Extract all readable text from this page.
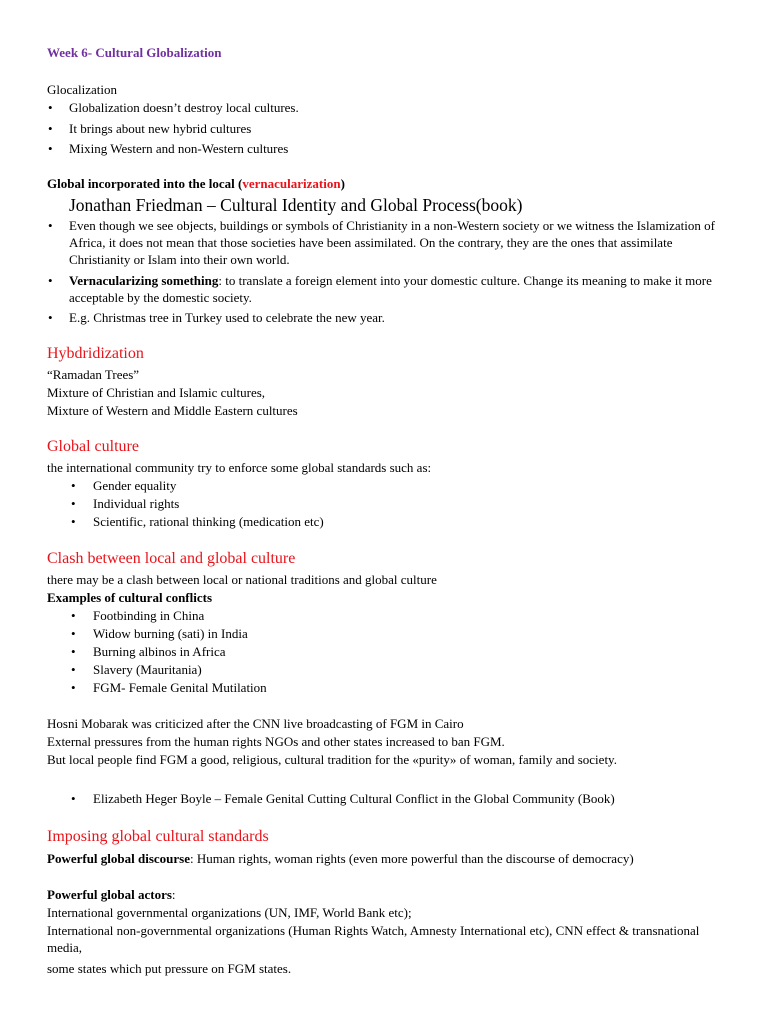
Week 6- Cultural Globalization
Glocalization
• Globalization doesn’t destroy local cultures.
• It brings about new hybrid cultures
• Mixing Western and non-Western cultures
Global incorporated into the local (vernacularization)
Jonathan Friedman – Cultural Identity and Global Process(book)
• Even though we see objects, buildings or symbols of Christianity in a non-Western society or we witness the Islamization of Africa, it does not mean that those societies have been assimilated. On the contrary, they are the ones that assimilate Christianity or Islam into their own world.
• Vernacularizing something: to translate a foreign element into your domestic culture. Change its meaning to make it more acceptable by the domestic society.
• E.g. Christmas tree in Turkey used to celebrate the new year.
Hybdridization
“Ramadan Trees”
Mixture of Christian and Islamic cultures,
Mixture of Western and Middle Eastern cultures
Global culture
the international community try to enforce some global standards such as:
• Gender equality
• Individual rights
• Scientific, rational thinking (medication etc)
Clash between local and global culture
there may be a clash between local or national traditions and global culture
Examples of cultural conflicts
• Footbinding in China
• Widow burning (sati) in India
• Burning albinos in Africa
• Slavery (Mauritania)
• FGM- Female Genital Mutilation
Hosni Mobarak was criticized after the CNN live broadcasting of FGM in Cairo
External pressures from the human rights NGOs and other states increased to ban FGM.
But local people find FGM a good, religious, cultural tradition for the «purity» of woman, family and society.
• Elizabeth Heger Boyle – Female Genital Cutting Cultural Conflict in the Global Community (Book)
Imposing global cultural standards
Powerful global discourse: Human rights, woman rights (even more powerful than the discourse of democracy)
Powerful global actors:
International governmental organizations (UN, IMF, World Bank etc);
International non-governmental organizations (Human Rights Watch, Amnesty International etc), CNN effect & transnational media,
some states which put pressure on FGM states.
